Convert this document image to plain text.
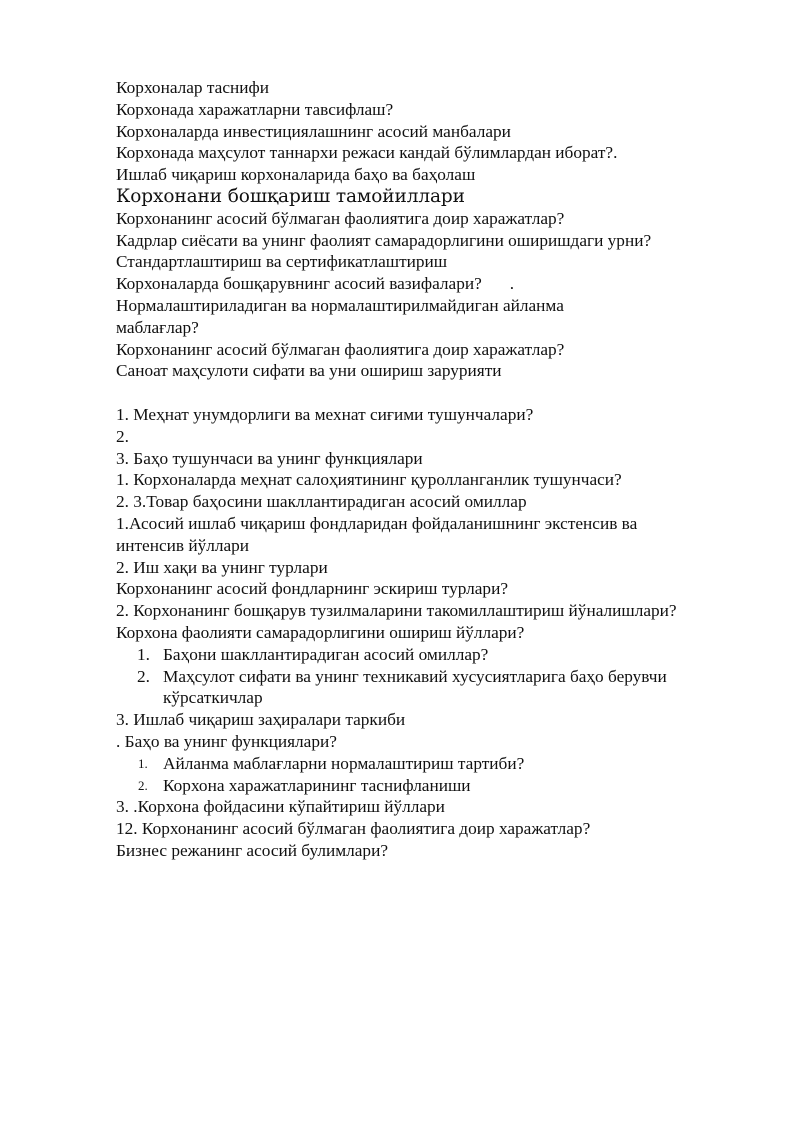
Корхоналар таснифи
Корхонада харажатларни тавсифлаш?
Корхоналарда инвестициялашнинг асосий манбалари
Корхонада маҳсулот таннархи режаси кандай бўлимлардан иборат?.
Ишлаб чиқариш корхоналарида баҳо ва баҳолаш
Корхонани бошқариш тамойиллари
Корхонанинг асосий бўлмаган фаолиятига доир харажатлар?
Кадрлар сиёсати ва унинг фаолият самарадорлигини оширишдаги урни?
Стандартлаштириш ва сертификатлаштириш
Корхоналарда бошқарувнинг асосий вазифалари? .
Нормалаштириладиган ва нормалаштирилмайдиган айланма маблағлар?
Корхонанинг асосий бўлмаган фаолиятига доир харажатлар?
Саноат маҳсулоти сифати ва уни ошириш зарурияти
1. Меҳнат унумдорлиги ва мехнат сиғими тушунчалари?
2.
3. Баҳо тушунчаси ва унинг функциялари
1. Корхоналарда меҳнат салоҳиятининг қуролланганлик тушунчаси?
2. 3.Товар баҳосини шакллантирадиган асосий омиллар
1.Асосий ишлаб чиқариш фондларидан фойдаланишнинг экстенсив ва интенсив йўллари
2. Иш хақи ва унинг турлари
Корхонанинг асосий фондларнинг эскириш турлари?
2. Корхонанинг бошқарув тузилмаларини такомиллаштириш йўналишлари?
Корхона фаолияти самарадорлигини ошириш йўллари?
1. Баҳони шакллантирадиган асосий омиллар?
2. Маҳсулот сифати ва унинг техникавий хусусиятларига баҳо берувчи кўрсаткичлар
3. Ишлаб чиқариш заҳиралари таркиби
. Баҳо ва унинг функциялари?
1. Айланма маблағларни нормалаштириш тартиби?
2. Корхона харажатларининг таснифланиши
3. .Корхона фойдасини кўпайтириш йўллари
12. Корхонанинг асосий бўлмаган фаолиятига доир харажатлар?
Бизнес режанинг асосий булимлари?
